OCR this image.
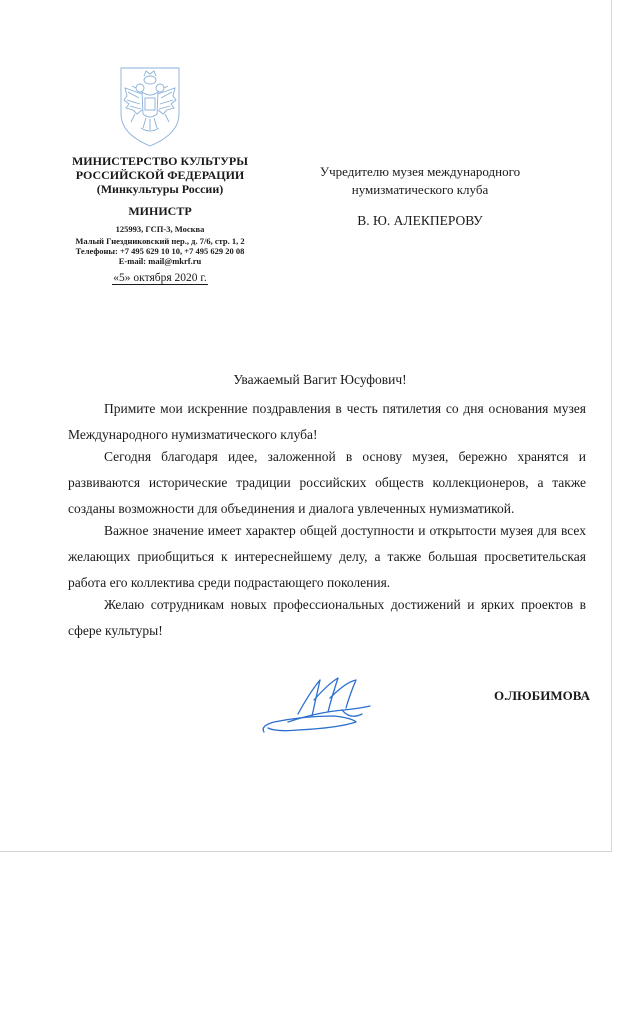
МИНИСТЕРСТВО КУЛЬТУРЫ
РОССИЙСКОЙ ФЕДЕРАЦИИ
(Минкультуры России)
МИНИСТР
125993, ГСП-3, Москва
Малый Гнездниковский пер., д. 7/6, стр. 1, 2
Телефоны: +7 495 629 10 10, +7 495 629 20 08
E-mail: mail@mkrf.ru
«5» октября 2020 г.
Учредителю музея международного
нумизматического клуба
В. Ю. АЛЕКПЕРОВУ
Уважаемый Вагит Юсуфович!

Примите мои искренние поздравления в честь пятилетия со дня основания музея Международного нумизматического клуба!

Сегодня благодаря идее, заложенной в основу музея, бережно хранятся и развиваются исторические традиции российских обществ коллекционеров, а также созданы возможности для объединения и диалога увлеченных нумизматикой.

Важное значение имеет характер общей доступности и открытости музея для всех желающих приобщиться к интереснейшему делу, а также большая просветительская работа его коллектива среди подрастающего поколения.

Желаю сотрудникам новых профессиональных достижений и ярких проектов в сфере культуры!

О.ЛЮБИМОВА
